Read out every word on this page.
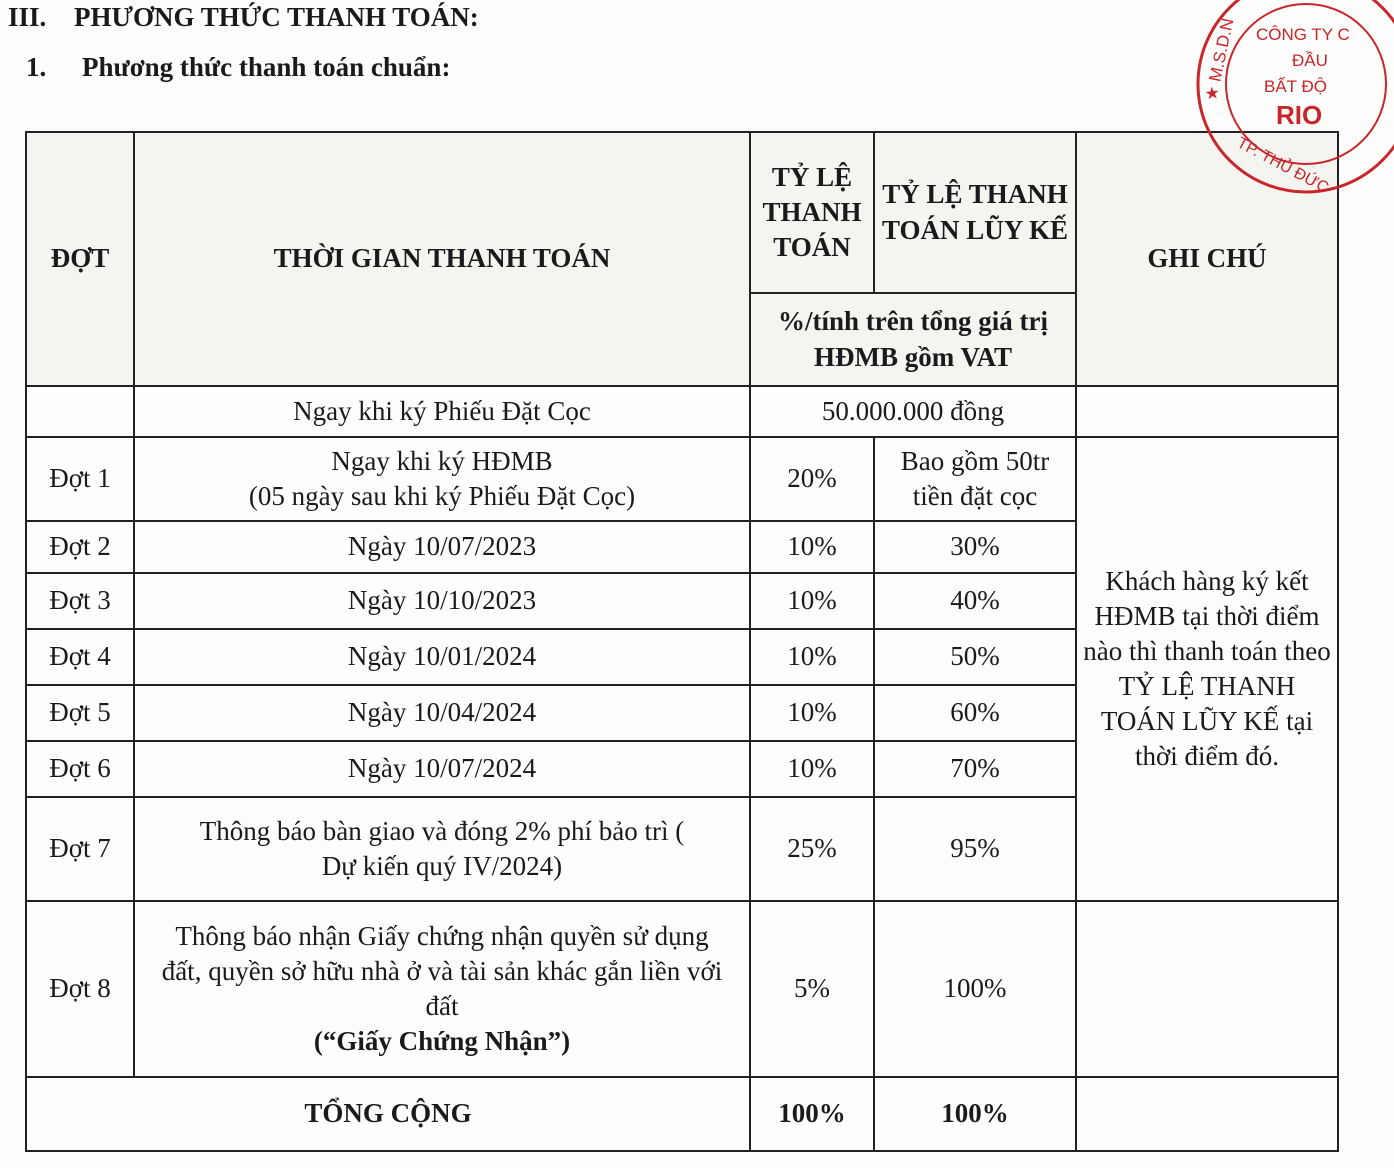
III. PHƯƠNG THỨC THANH TOÁN:
1. Phương thức thanh toán chuẩn:
ĐỢT	THỜI GIAN THANH TOÁN	TỶ LỆ THANH TOÁN	TỶ LỆ THANH TOÁN LŨY KẾ	GHI CHÚ
		%/tính trên tổng giá trị HĐMB gồm VAT		
	Ngay khi ký Phiếu Đặt Cọc	50.000.000 đồng		
Đợt 1	Ngay khi ký HĐMB
(05 ngày sau khi ký Phiếu Đặt Cọc)	20%	Bao gồm 50tr tiền đặt cọc	Khách hàng ký kết HĐMB tại thời điểm nào thì thanh toán theo TỶ LỆ THANH TOÁN LŨY KẾ tại thời điểm đó.
Đợt 2	Ngày 10/07/2023	10%	30%	
Đợt 3	Ngày 10/10/2023	10%	40%	
Đợt 4	Ngày 10/01/2024	10%	50%	
Đợt 5	Ngày 10/04/2024	10%	60%	
Đợt 6	Ngày 10/07/2024	10%	70%	
Đợt 7	Thông báo bàn giao và đóng 2% phí bảo trì (
Dự kiến quý IV/2024)	25%	95%	
Đợt 8	Thông báo nhận Giấy chứng nhận quyền sử dụng đất, quyền sở hữu nhà ở và tài sản khác gắn liền với đất
(“Giấy Chứng Nhận”)	5%	100%	
TỔNG CỘNG		100%	100%	
★ M.S.D.N CÔNG TY C
ĐẦU
BẤT ĐỘ
RIO
TP. THỦ ĐỨC
